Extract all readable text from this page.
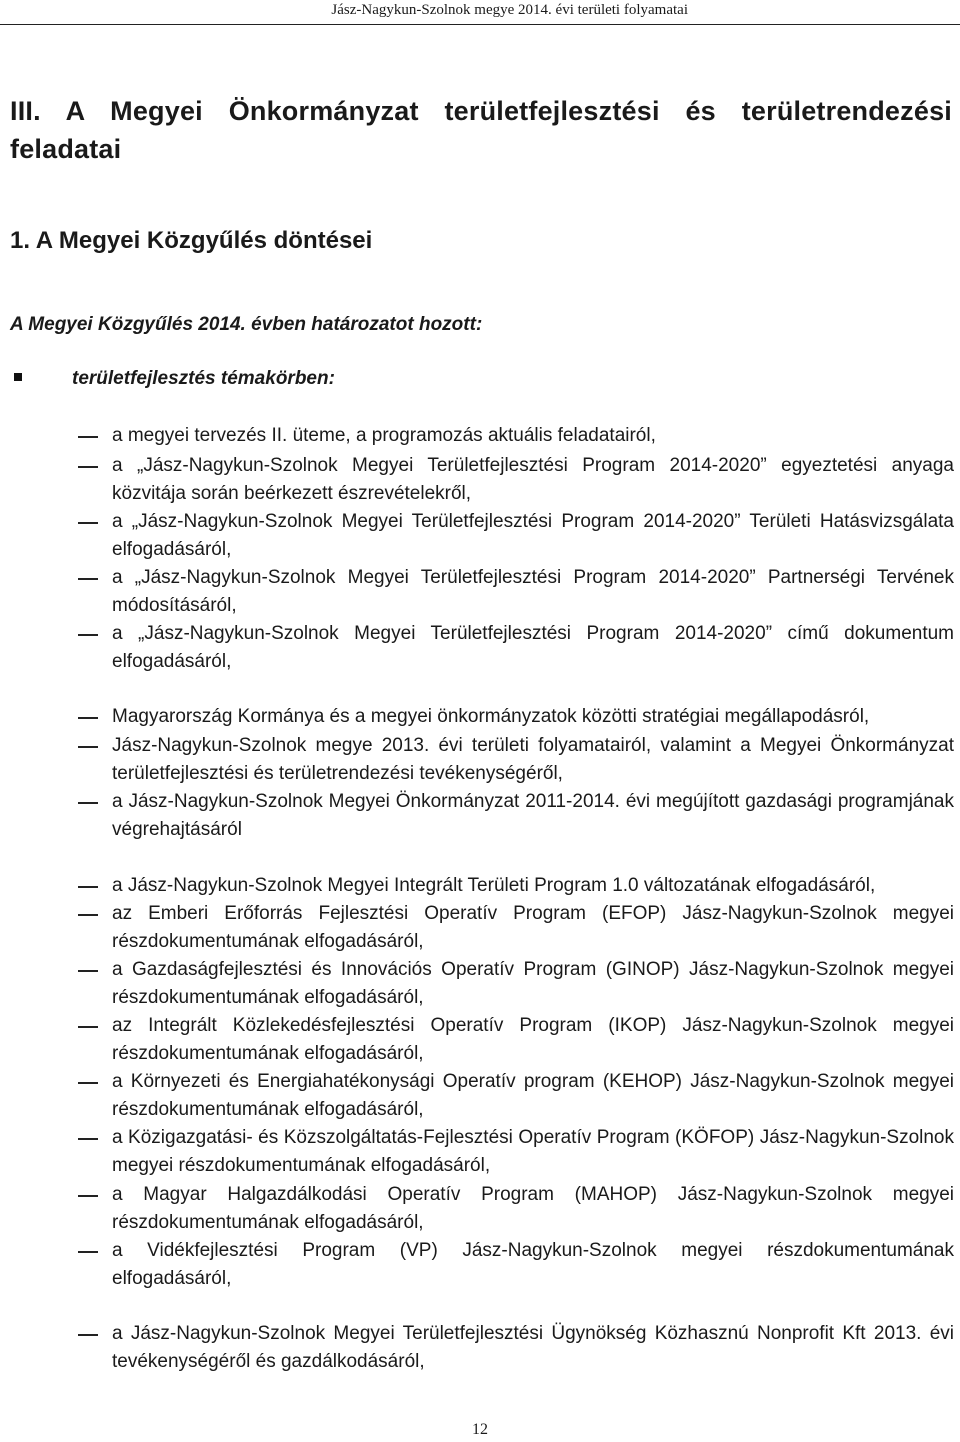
Jász-Nagykun-Szolnok megye 2014. évi területi folyamatai
III. A Megyei Önkormányzat területfejlesztési és területrendezési feladatai
1. A Megyei Közgyűlés döntései
A Megyei Közgyűlés 2014. évben határozatot hozott:
területfejlesztés témakörben:
a megyei tervezés II. üteme, a programozás aktuális feladatairól,
a „Jász-Nagykun-Szolnok Megyei Területfejlesztési Program 2014-2020” egyeztetési anyaga közvitája során beérkezett észrevételekről,
a „Jász-Nagykun-Szolnok Megyei Területfejlesztési Program 2014-2020” Területi Hatásvizsgálata elfogadásáról,
a „Jász-Nagykun-Szolnok Megyei Területfejlesztési Program 2014-2020” Partnerségi Tervének módosításáról,
a „Jász-Nagykun-Szolnok Megyei Területfejlesztési Program 2014-2020” című dokumentum elfogadásáról,
Magyarország Kormánya és a megyei önkormányzatok közötti stratégiai megállapodásról,
Jász-Nagykun-Szolnok megye 2013. évi területi folyamatairól, valamint a Megyei Önkormányzat területfejlesztési és területrendezési tevékenységéről,
a Jász-Nagykun-Szolnok Megyei Önkormányzat 2011-2014. évi megújított gazdasági programjának végrehajtásáról
a Jász-Nagykun-Szolnok Megyei Integrált Területi Program 1.0 változatának elfogadásáról,
az Emberi Erőforrás Fejlesztési Operatív Program (EFOP) Jász-Nagykun-Szolnok megyei részdokumentumának elfogadásáról,
a Gazdaságfejlesztési és Innovációs Operatív Program (GINOP) Jász-Nagykun-Szolnok megyei részdokumentumának elfogadásáról,
az Integrált Közlekedésfejlesztési Operatív Program (IKOP) Jász-Nagykun-Szolnok megyei részdokumentumának elfogadásáról,
a Környezeti és Energiahatékonysági Operatív program (KEHOP) Jász-Nagykun-Szolnok megyei részdokumentumának elfogadásáról,
a Közigazgatási- és Közszolgáltatás-Fejlesztési Operatív Program (KÖFOP) Jász-Nagykun-Szolnok megyei részdokumentumának elfogadásáról,
a Magyar Halgazdálkodási Operatív Program (MAHOP) Jász-Nagykun-Szolnok megyei részdokumentumának elfogadásáról,
a Vidékfejlesztési Program (VP) Jász-Nagykun-Szolnok megyei részdokumentumának elfogadásáról,
a Jász-Nagykun-Szolnok Megyei Területfejlesztési Ügynökség Közhasznú Nonprofit Kft 2013. évi tevékenységéről és gazdálkodásáról,
12
